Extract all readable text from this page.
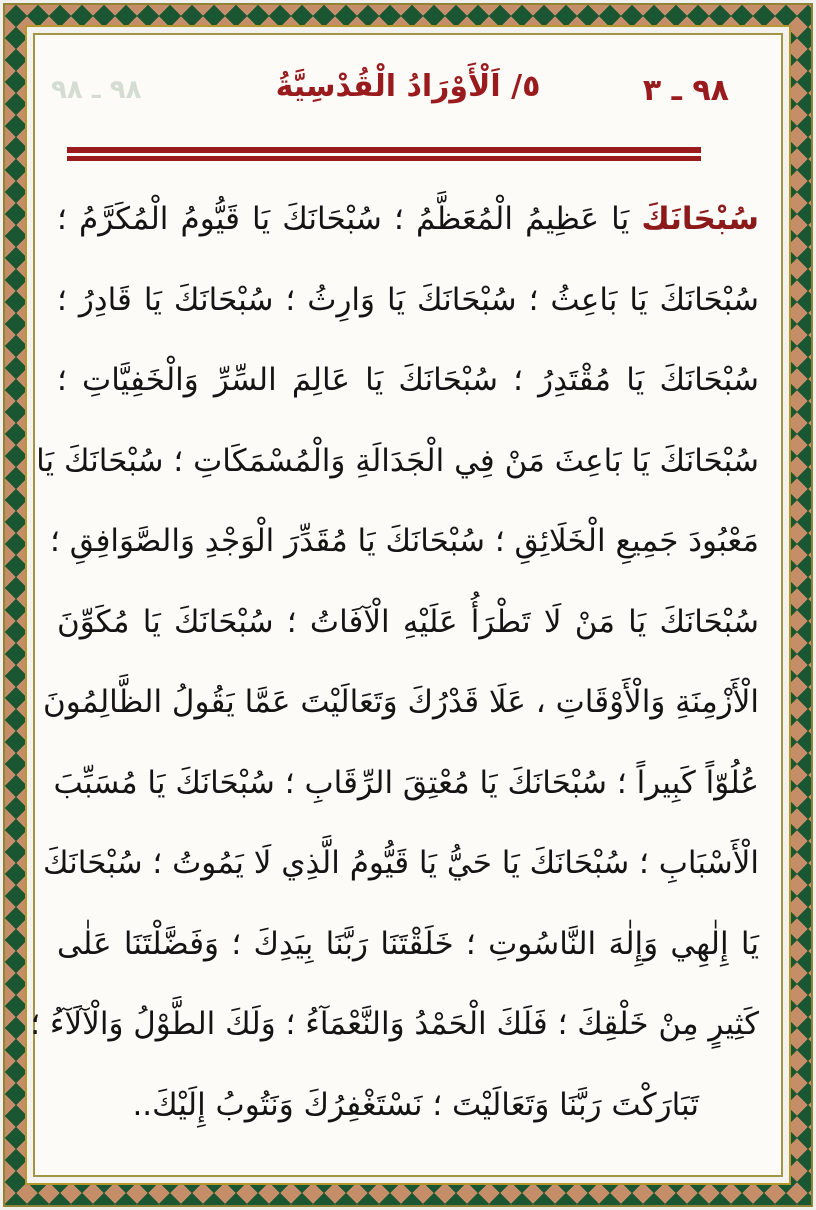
٩٨ ـ ٣
٥/ اَلْأَوْرَادُ الْقُدْسِيَّةُ
٩٨ ـ ٩٨
سُبْحَانَكَ يَا عَظِيمُ الْمُعَظَّمُ ؛ سُبْحَانَكَ يَا قَيُّومُ الْمُكَرَّمُ ؛
سُبْحَانَكَ يَا بَاعِثُ ؛ سُبْحَانَكَ يَا وَارِثُ ؛ سُبْحَانَكَ يَا قَادِرُ ؛
سُبْحَانَكَ يَا مُقْتَدِرُ ؛ سُبْحَانَكَ يَا عَالِمَ السِّرِّ وَالْخَفِيَّاتِ ؛
سُبْحَانَكَ يَا بَاعِثَ مَنْ فِي الْجَدَالَةِ وَالْمُسْمَكَاتِ ؛ سُبْحَانَكَ يَا
مَعْبُودَ جَمِيعِ الْخَلَائِقِ ؛ سُبْحَانَكَ يَا مُقَدِّرَ الْوَجْدِ وَالصَّوَافِقِ ؛
سُبْحَانَكَ يَا مَنْ لَا تَطْرَأُ عَلَيْهِ الْآفَاتُ ؛ سُبْحَانَكَ يَا مُكَوِّنَ
الْأَزْمِنَةِ وَالْأَوْقَاتِ ، عَلَا قَدْرُكَ وَتَعَالَيْتَ عَمَّا يَقُولُ الظَّالِمُونَ
عُلُوّاً كَبِيراً ؛ سُبْحَانَكَ يَا مُعْتِقَ الرِّقَابِ ؛ سُبْحَانَكَ يَا مُسَبِّبَ
الْأَسْبَابِ ؛ سُبْحَانَكَ يَا حَيُّ يَا قَيُّومُ الَّذِي لَا يَمُوتُ ؛ سُبْحَانَكَ
يَا إِلٰهِي وَإِلٰهَ النَّاسُوتِ ؛ خَلَقْتَنَا رَبَّنَا بِيَدِكَ ؛ وَفَضَّلْتَنَا عَلٰى
كَثِيرٍ مِنْ خَلْقِكَ ؛ فَلَكَ الْحَمْدُ وَالنَّعْمَآءُ ؛ وَلَكَ الطَّوْلُ وَالْآلَآءُ ؛
تَبَارَكْتَ رَبَّنَا وَتَعَالَيْتَ ؛ نَسْتَغْفِرُكَ وَنَتُوبُ إِلَيْكَ..
